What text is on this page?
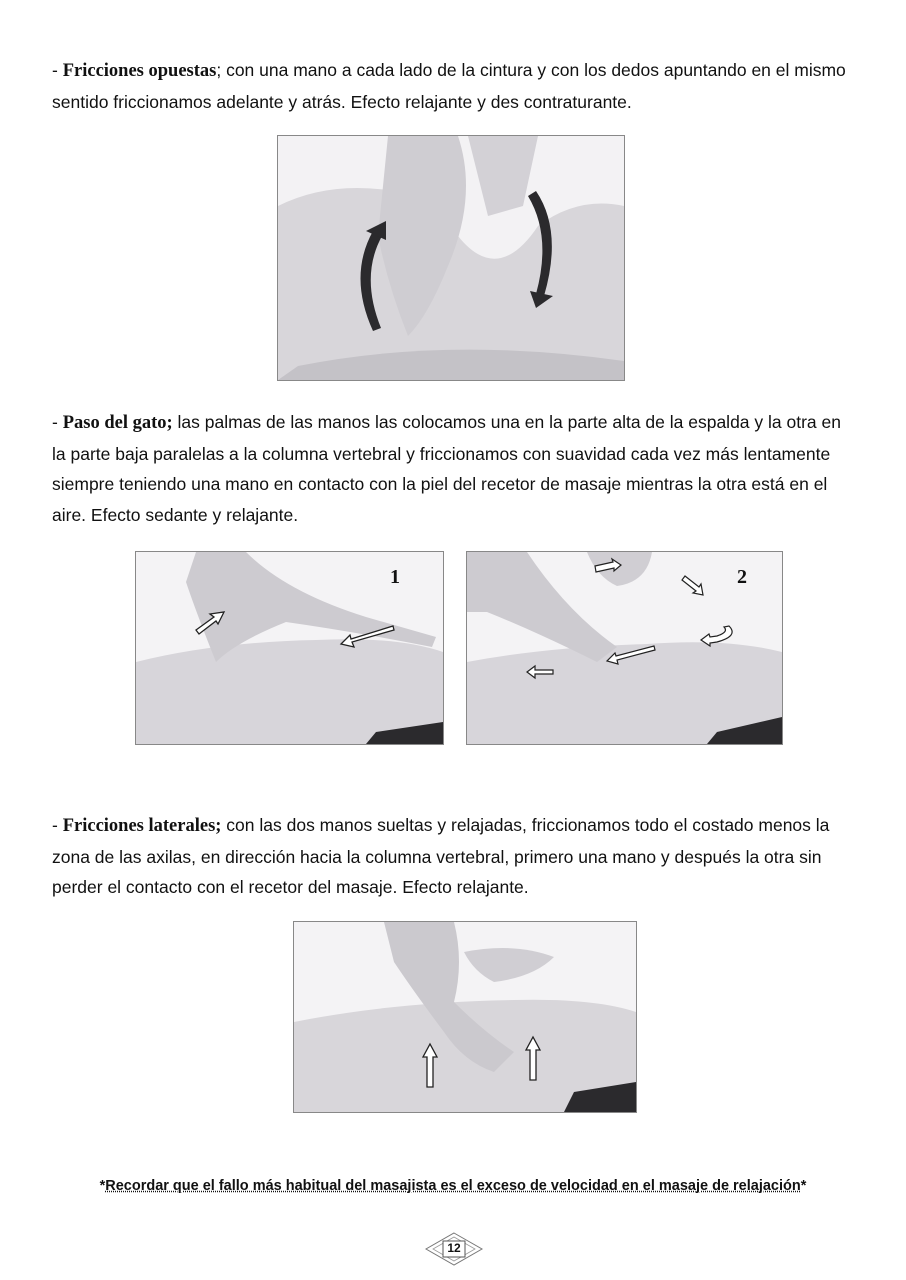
- Fricciones opuestas; con una mano a cada lado de la cintura y con los dedos apuntando en el mismo sentido friccionamos adelante y atrás. Efecto relajante y des contraturante.

- Paso del gato; las palmas de las manos las colocamos una en la parte alta de la espalda y la otra en la parte baja paralelas a la columna vertebral y friccionamos con suavidad cada vez más lentamente siempre teniendo una mano en contacto con la piel del recetor de masaje mientras la otra está en el aire. Efecto sedante y relajante.

1	2

- Fricciones laterales; con las dos manos sueltas y relajadas, friccionamos todo el costado menos la zona de las axilas, en dirección hacia la columna vertebral, primero una mano y después la otra sin perder el contacto con el recetor del masaje. Efecto relajante.

*Recordar que el fallo más habitual del masajista es el exceso de velocidad en el masaje de relajación*
12
